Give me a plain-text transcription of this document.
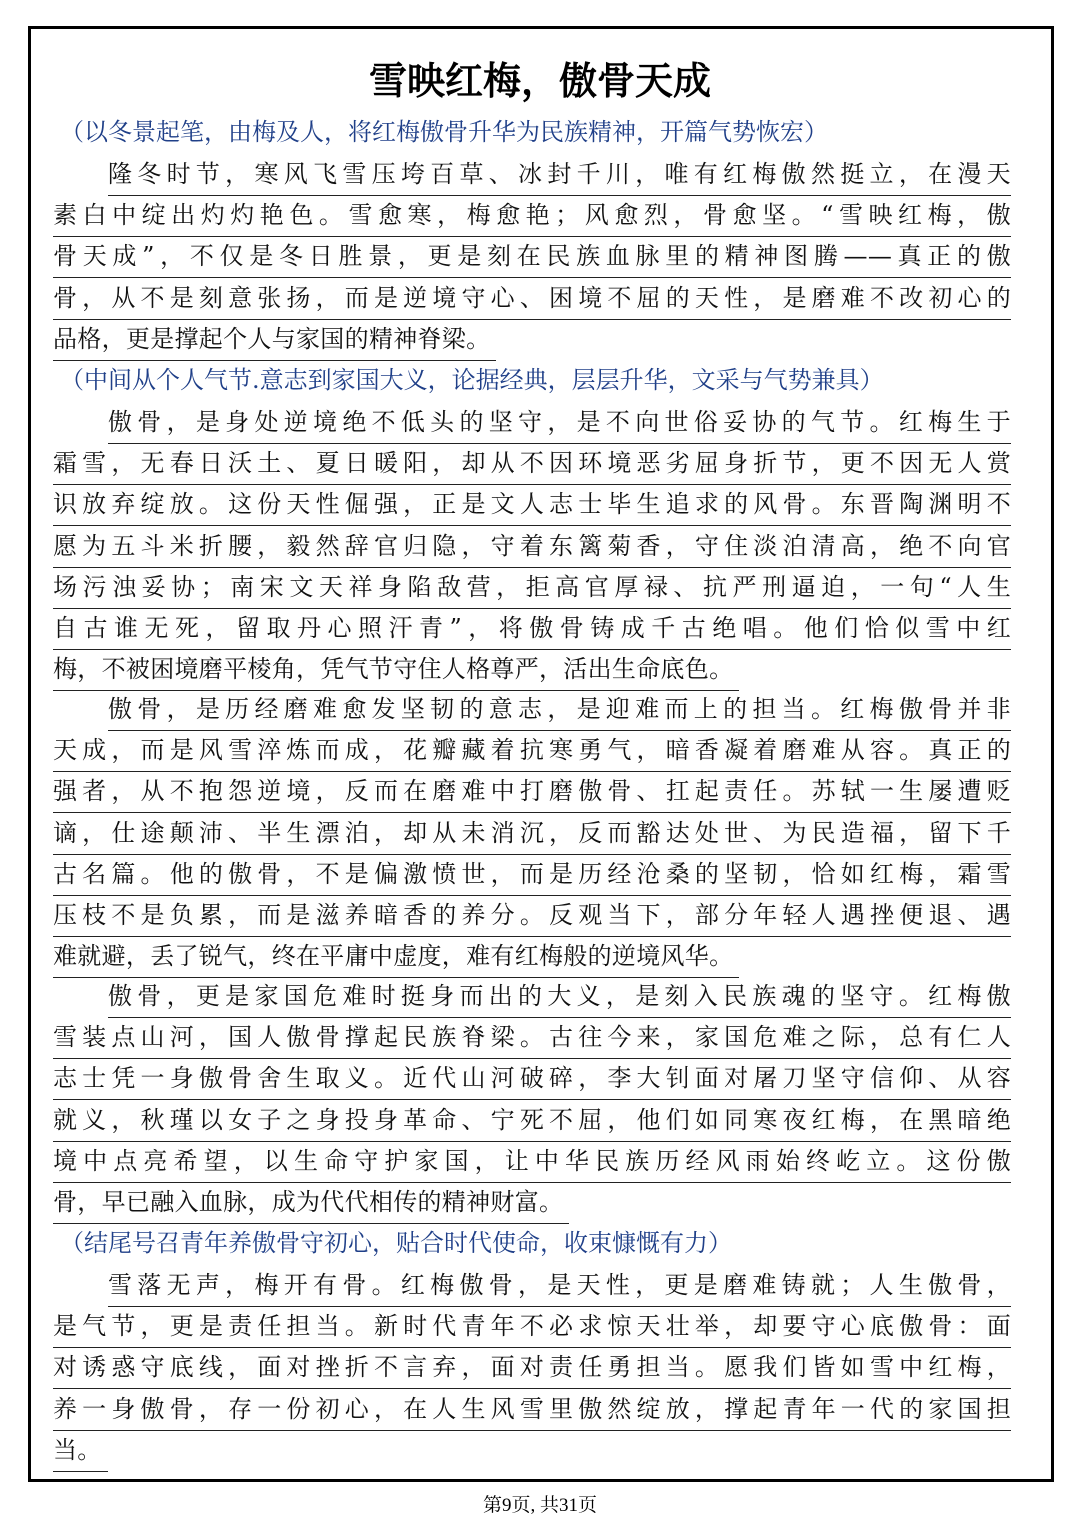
雪映红梅，傲骨天成
（以冬景起笔，由梅及人，将红梅傲骨升华为民族精神，开篇气势恢宏）
（中间从个人气节.意志到家国大义，论据经典，层层升华，文采与气势兼具）
（结尾号召青年养傲骨守初心，贴合时代使命，收束慷慨有力）
隆冬时节，寒风飞雪压垮百草、冰封千川，唯有红梅傲然挺立，在漫天
素白中绽出灼灼艳色。雪愈寒，梅愈艳；风愈烈，骨愈坚。“雪映红梅，傲
骨天成”，不仅是冬日胜景，更是刻在民族血脉里的精神图腾——真正的傲
骨，从不是刻意张扬，而是逆境守心、困境不屈的天性，是磨难不改初心的
品格，更是撑起个人与家国的精神脊梁。
傲骨，是身处逆境绝不低头的坚守，是不向世俗妥协的气节。红梅生于
霜雪，无春日沃土、夏日暖阳，却从不因环境恶劣屈身折节，更不因无人赏
识放弃绽放。这份天性倔强，正是文人志士毕生追求的风骨。东晋陶渊明不
愿为五斗米折腰，毅然辞官归隐，守着东篱菊香，守住淡泊清高，绝不向官
场污浊妥协；南宋文天祥身陷敌营，拒高官厚禄、抗严刑逼迫，一句“人生
自古谁无死，留取丹心照汗青”，将傲骨铸成千古绝唱。他们恰似雪中红
梅，不被困境磨平棱角，凭气节守住人格尊严，活出生命底色。
傲骨，是历经磨难愈发坚韧的意志，是迎难而上的担当。红梅傲骨并非
天成，而是风雪淬炼而成，花瓣藏着抗寒勇气，暗香凝着磨难从容。真正的
强者，从不抱怨逆境，反而在磨难中打磨傲骨、扛起责任。苏轼一生屡遭贬
谪，仕途颠沛、半生漂泊，却从未消沉，反而豁达处世、为民造福，留下千
古名篇。他的傲骨，不是偏激愤世，而是历经沧桑的坚韧，恰如红梅，霜雪
压枝不是负累，而是滋养暗香的养分。反观当下，部分年轻人遇挫便退、遇
难就避，丢了锐气，终在平庸中虚度，难有红梅般的逆境风华。
傲骨，更是家国危难时挺身而出的大义，是刻入民族魂的坚守。红梅傲
雪装点山河，国人傲骨撑起民族脊梁。古往今来，家国危难之际，总有仁人
志士凭一身傲骨舍生取义。近代山河破碎，李大钊面对屠刀坚守信仰、从容
就义，秋瑾以女子之身投身革命、宁死不屈，他们如同寒夜红梅，在黑暗绝
境中点亮希望，以生命守护家国，让中华民族历经风雨始终屹立。这份傲
骨，早已融入血脉，成为代代相传的精神财富。
雪落无声，梅开有骨。红梅傲骨，是天性，更是磨难铸就；人生傲骨，
是气节，更是责任担当。新时代青年不必求惊天壮举，却要守心底傲骨：面
对诱惑守底线，面对挫折不言弃，面对责任勇担当。愿我们皆如雪中红梅，
养一身傲骨，存一份初心，在人生风雪里傲然绽放，撑起青年一代的家国担
当。
第9页, 共31页
